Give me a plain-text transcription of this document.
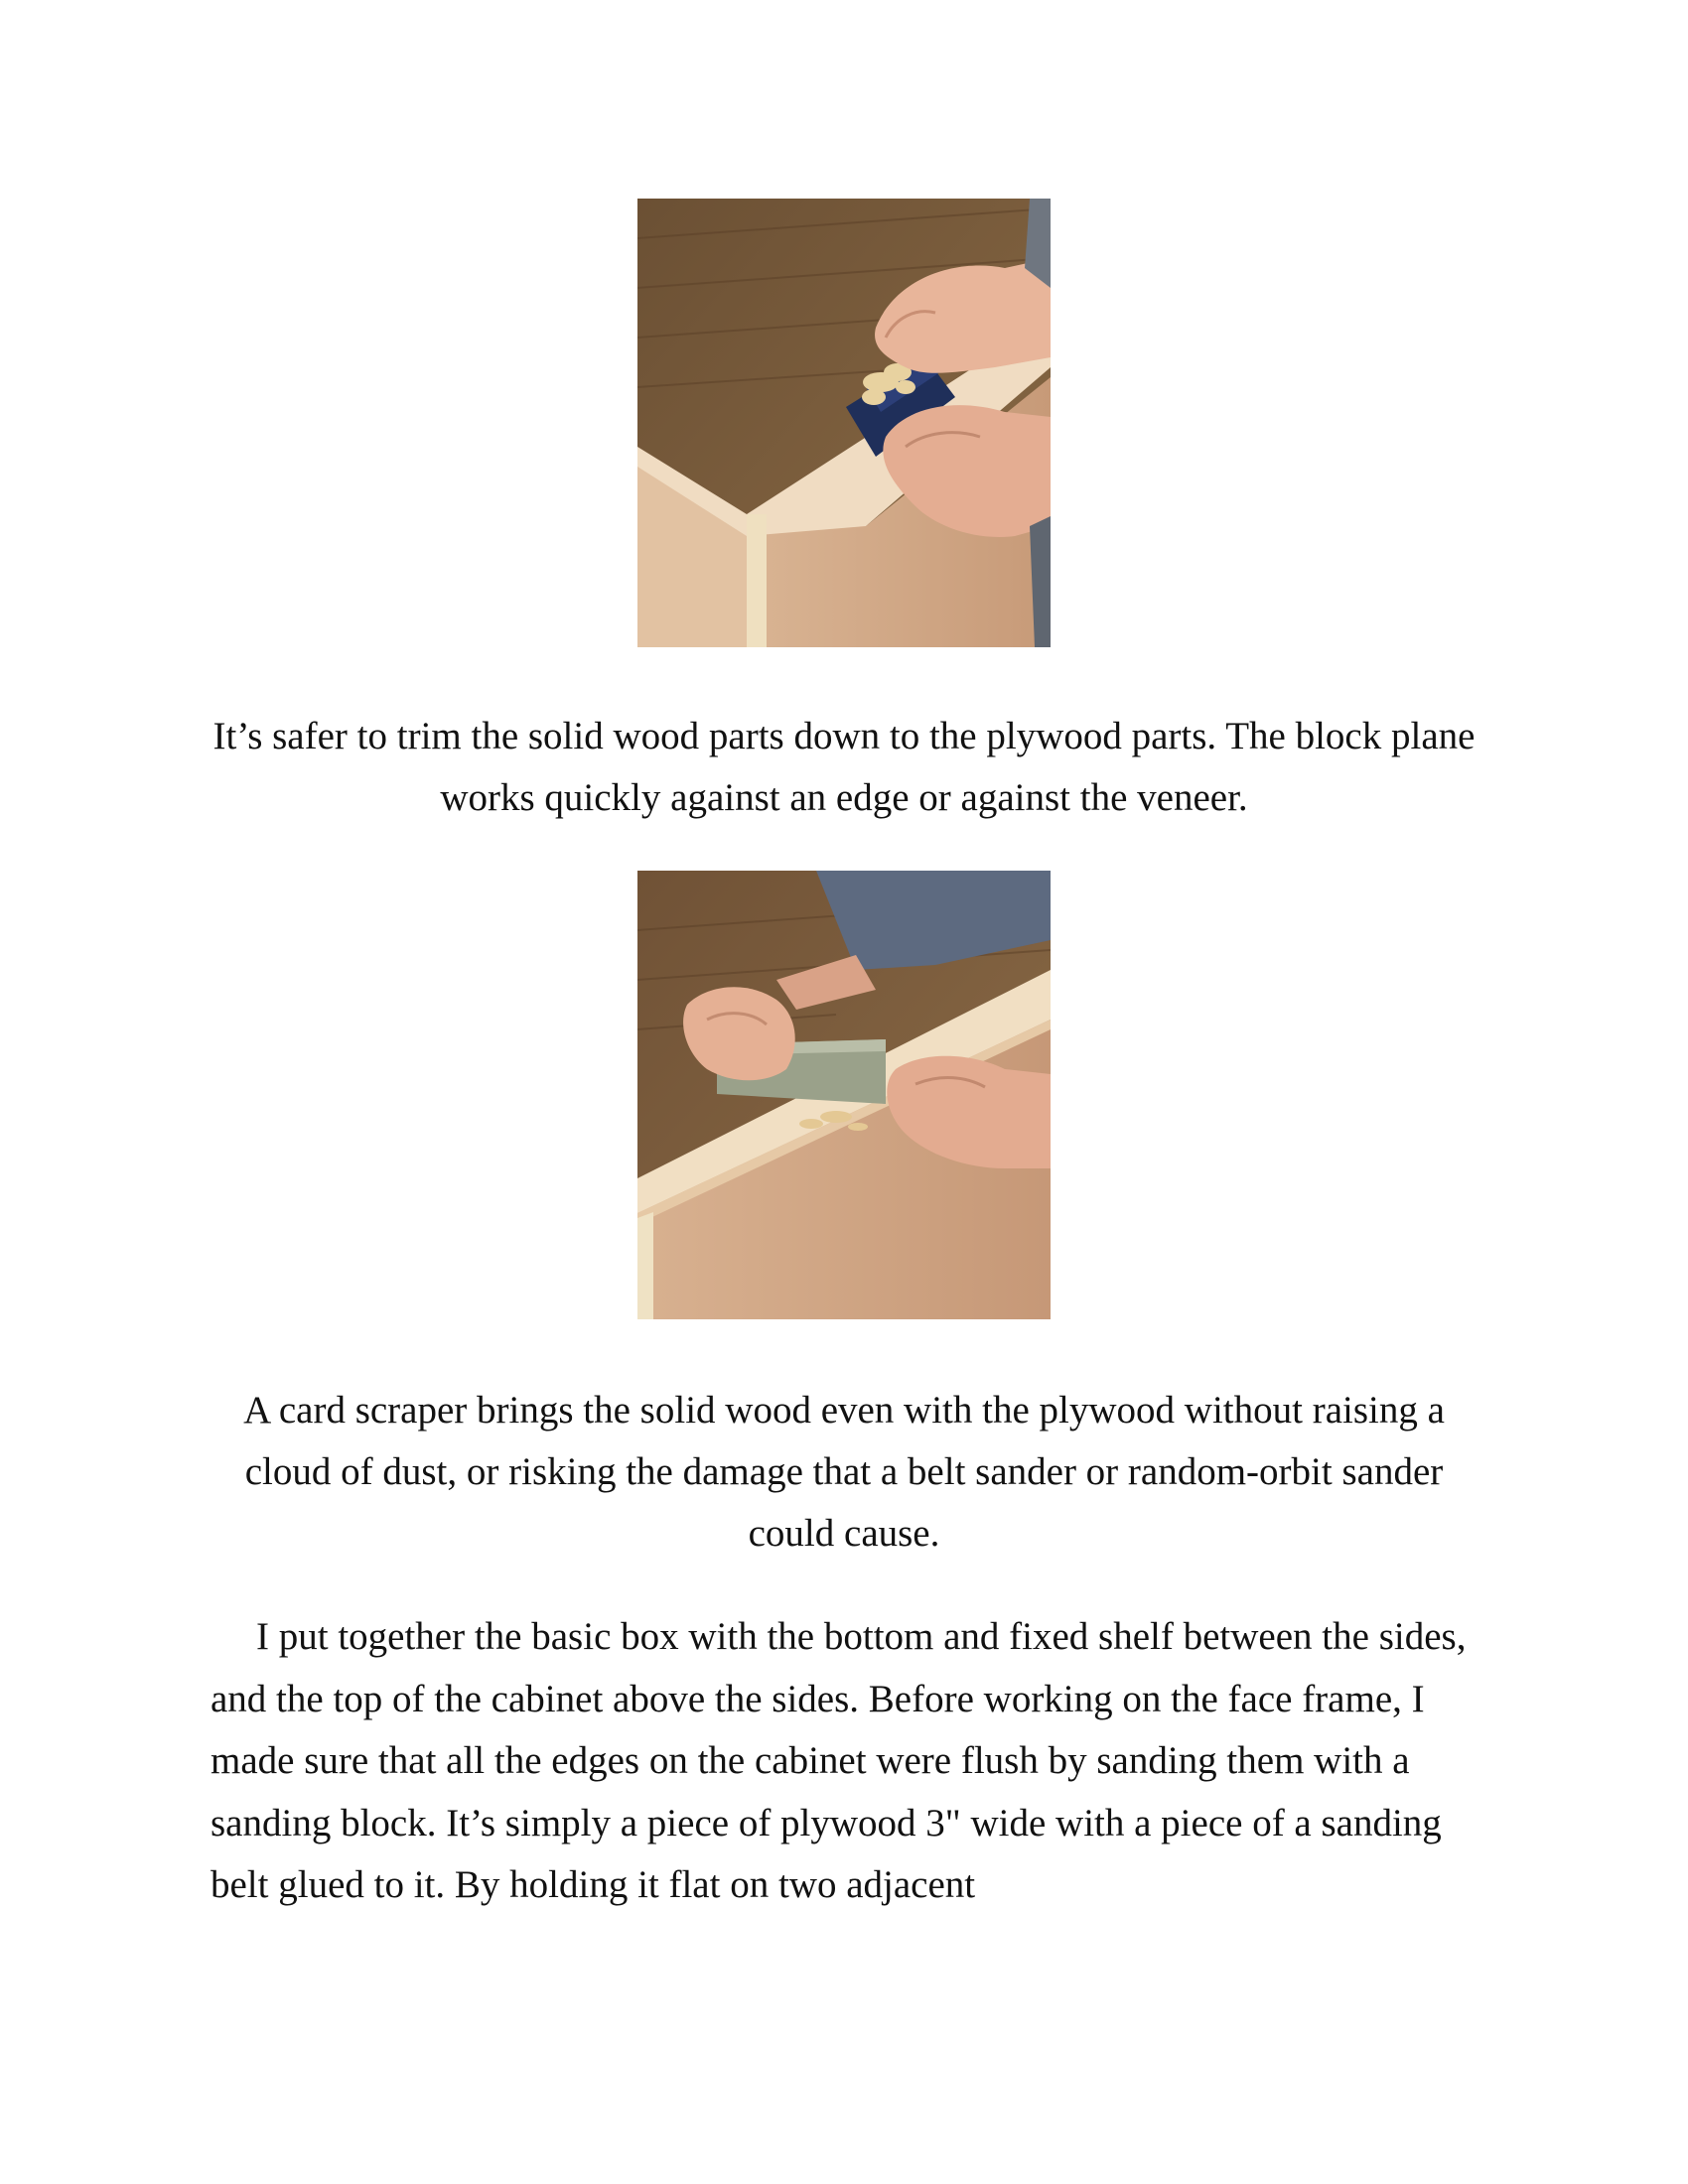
It’s safer to trim the solid wood parts down to the plywood parts. The block plane works quickly against an edge or against the veneer.

A card scraper brings the solid wood even with the plywood without raising a cloud of dust, or risking the damage that a belt sander or random-orbit sander could cause.

I put together the basic box with the bottom and fixed shelf between the sides, and the top of the cabinet above the sides. Before working on the face frame, I made sure that all the edges on the cabinet were flush by sanding them with a sanding block. It’s simply a piece of plywood 3" wide with a piece of a sanding belt glued to it. By holding it flat on two adjacent
